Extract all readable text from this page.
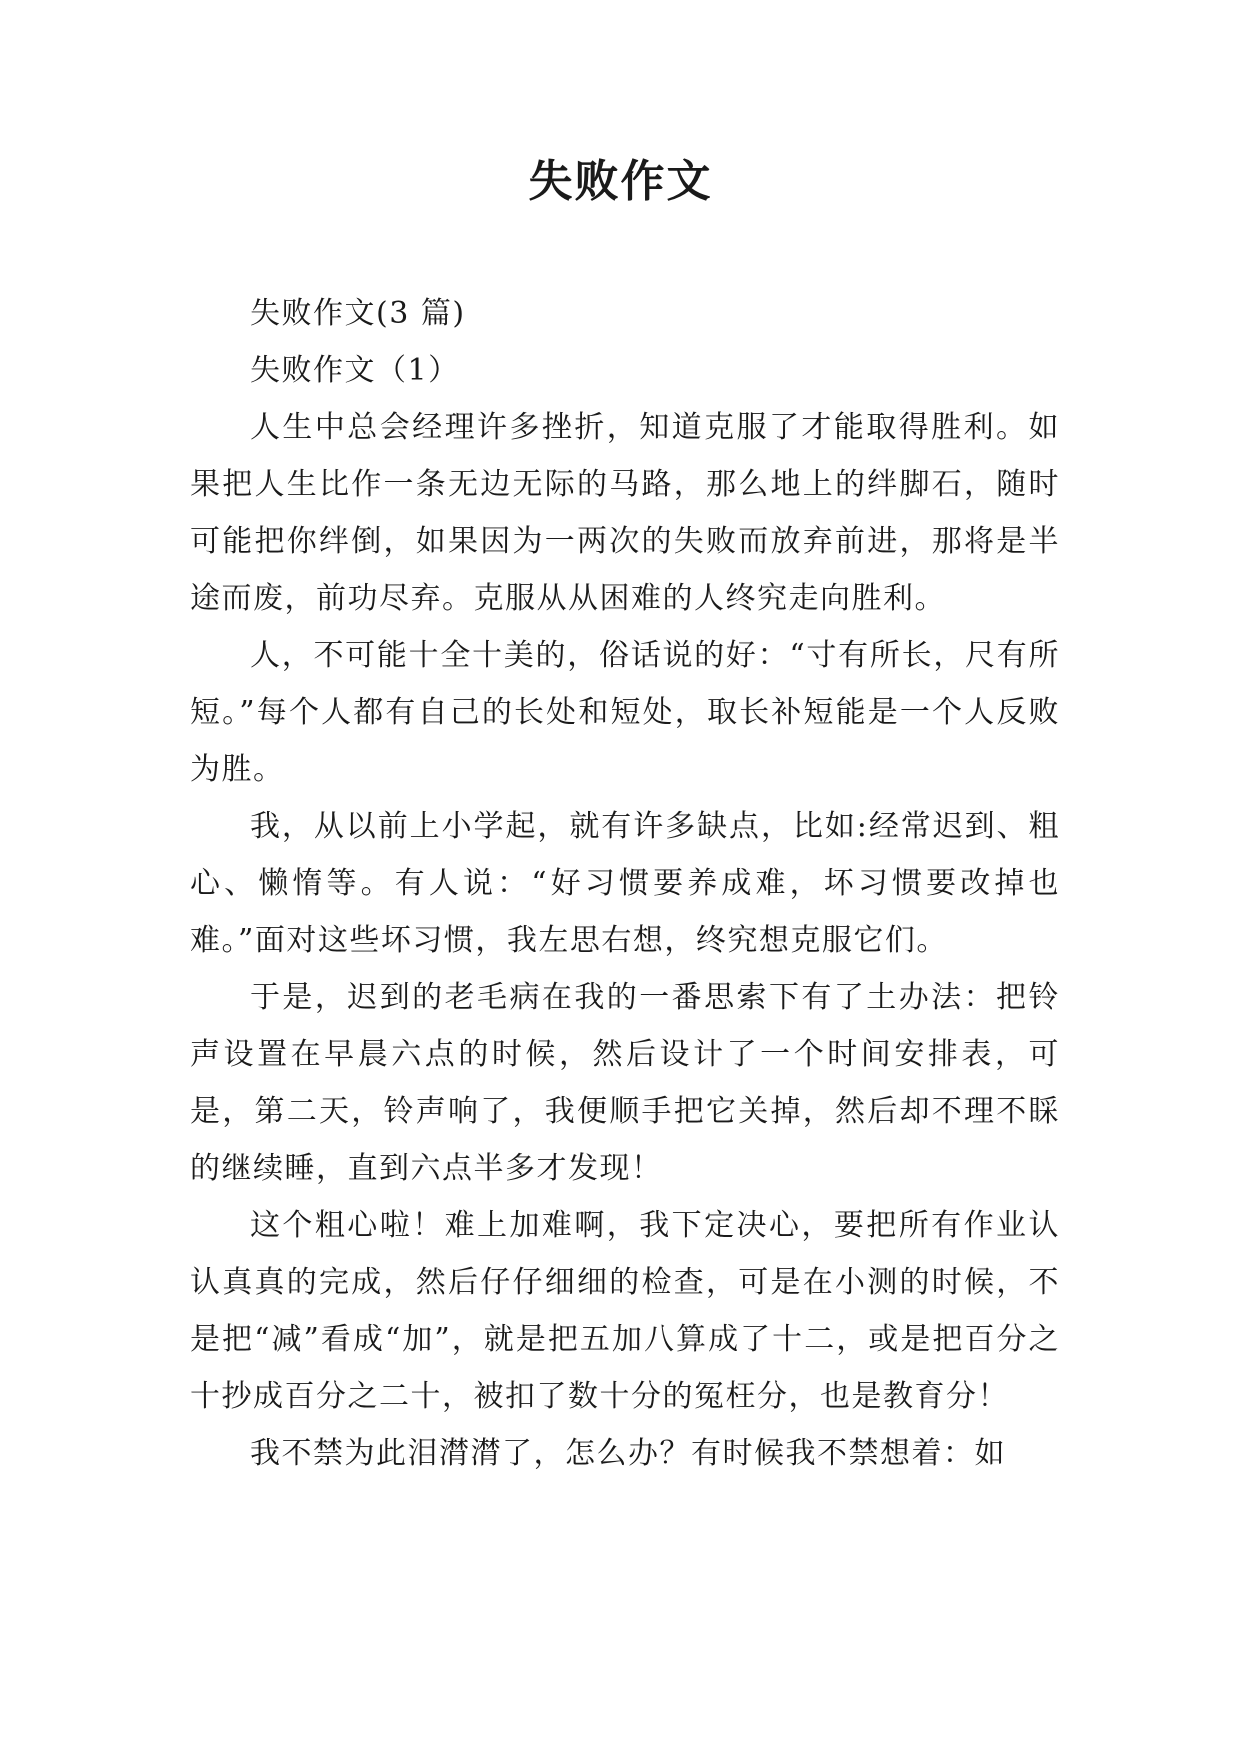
失败作文

失败作文(3 篇)

失败作文（1）

人生中总会经理许多挫折，知道克服了才能取得胜利。如果把人生比作一条无边无际的马路，那么地上的绊脚石，随时可能把你绊倒，如果因为一两次的失败而放弃前进，那将是半途而废，前功尽弃。克服从从困难的人终究走向胜利。

人，不可能十全十美的，俗话说的好：“寸有所长，尺有所短。”每个人都有自己的长处和短处，取长补短能是一个人反败为胜。

我，从以前上小学起，就有许多缺点，比如:经常迟到、粗心、懒惰等。有人说：“好习惯要养成难，坏习惯要改掉也难。”面对这些坏习惯，我左思右想，终究想克服它们。

于是，迟到的老毛病在我的一番思索下有了土办法：把铃声设置在早晨六点的时候，然后设计了一个时间安排表，可是，第二天，铃声响了，我便顺手把它关掉，然后却不理不睬的继续睡，直到六点半多才发现！

这个粗心啦！难上加难啊，我下定决心，要把所有作业认认真真的完成，然后仔仔细细的检查，可是在小测的时候，不是把“减”看成“加”，就是把五加八算成了十二，或是把百分之十抄成百分之二十，被扣了数十分的冤枉分，也是教育分！

我不禁为此泪潸潸了，怎么办？有时候我不禁想着：如
